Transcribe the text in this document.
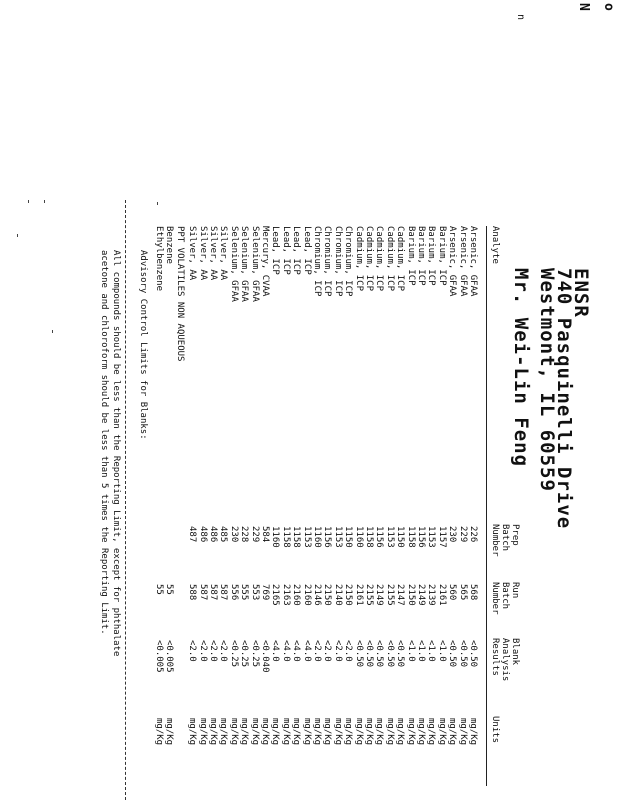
o
N
n
ENSR
740 Pasquinelli Drive
Westmont, IL 60559
Mr. Wei-Lin Feng
Analyte
Prep
Batch
Number
Run
Batch
Number
Blank
Analysis
Results
Units
Arsenic, GFAA
226
568
<0.50
mg/Kg
Arsenic, GFAA
229
565
<0.50
mg/Kg
Arsenic, GFAA
230
560
<0.50
mg/Kg
Barium, ICP
1157
2161
<1.0
mg/Kg
Barium, ICP
1153
2139
<1.0
mg/Kg
Barium, ICP
1156
2149
<1.0
mg/Kg
Barium, ICP
1158
2150
<1.0
mg/Kg
Cadmium, ICP
1150
2147
<0.50
mg/Kg
Cadmium, ICP
1153
2155
<0.50
mg/Kg
Cadmium, ICP
1156
2149
<0.50
mg/Kg
Cadmium, ICP
1158
2155
<0.50
mg/Kg
Cadmium, ICP
1160
2161
<0.50
mg/Kg
Chromium, ICP
1150
2150
<2.0
mg/Kg
Chromium, ICP
1153
2140
<2.0
mg/Kg
Chromium, ICP
1156
2150
<2.0
mg/Kg
Chromium, ICP
1160
2146
<2.0
mg/Kg
Lead, ICP
1153
2160
<4.0
mg/Kg
Lead, ICP
1158
2160
<4.0
mg/Kg
Lead, ICP
1158
2163
<4.0
mg/Kg
Lead, ICP
1160
2165
<4.0
mg/Kg
Mercury, CVAA
584
769
<0.040
mg/Kg
Selenium, GFAA
229
553
<0.25
mg/Kg
Selenium, GFAA
228
555
<0.25
mg/Kg
Selenium, GFAA
230
556
<0.25
mg/Kg
Silver, AA
485
587
<2.0
mg/Kg
Silver, AA
486
587
<2.0
mg/Kg
Silver, AA
486
587
<2.0
mg/Kg
Silver, AA
487
588
<2.0
mg/Kg
PPT VOLATILES NON AQUEOUS
Benzene
55
<0.005
mg/Kg
Ethylbenzene
55
<0.005
mg/Kg
Advisory Control Limits for Blanks:
All compounds should be less than the Reporting Limit, except for phthalate
acetone and chloroform should be less than 5 times the Reporting Limit.
